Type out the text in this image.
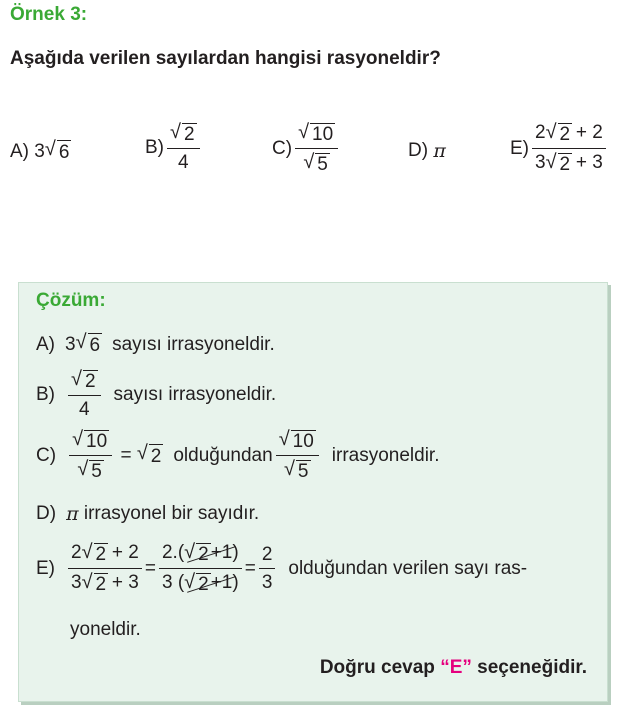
Örnek 3:
Aşağıda verilen sayılardan hangisi rasyoneldir?
A)
3 √ 6	$B) \frac{√ 2}{4}$	$C) \frac{√ 10}{√ 5}$	D)
π	E) 2 √ 2
  + 2
3 √ 2
  + 3
Çözüm:
A) 3 √ 6 sayısı irrasyoneldir.
$B) \frac{√ 2}{4}$ sayısı irrasyoneldir.
$C) \frac{√ 10}{√ 5}$
=
√ 2 olduğundan $\frac{√ 10}{√ 5}$ irrasyoneldir.
D) π
irrasyonel bir sayıdır.
E) 2 √ 2
  + 2
3 √ 2
  + $3 = \frac{2.( √ 2 +1)}{3 ( √ 2 +1)} = \frac{2}{3}$ olduğundan verilen sayı ras-
yoneldir.
Doğru cevap “E” seçeneğidir.
